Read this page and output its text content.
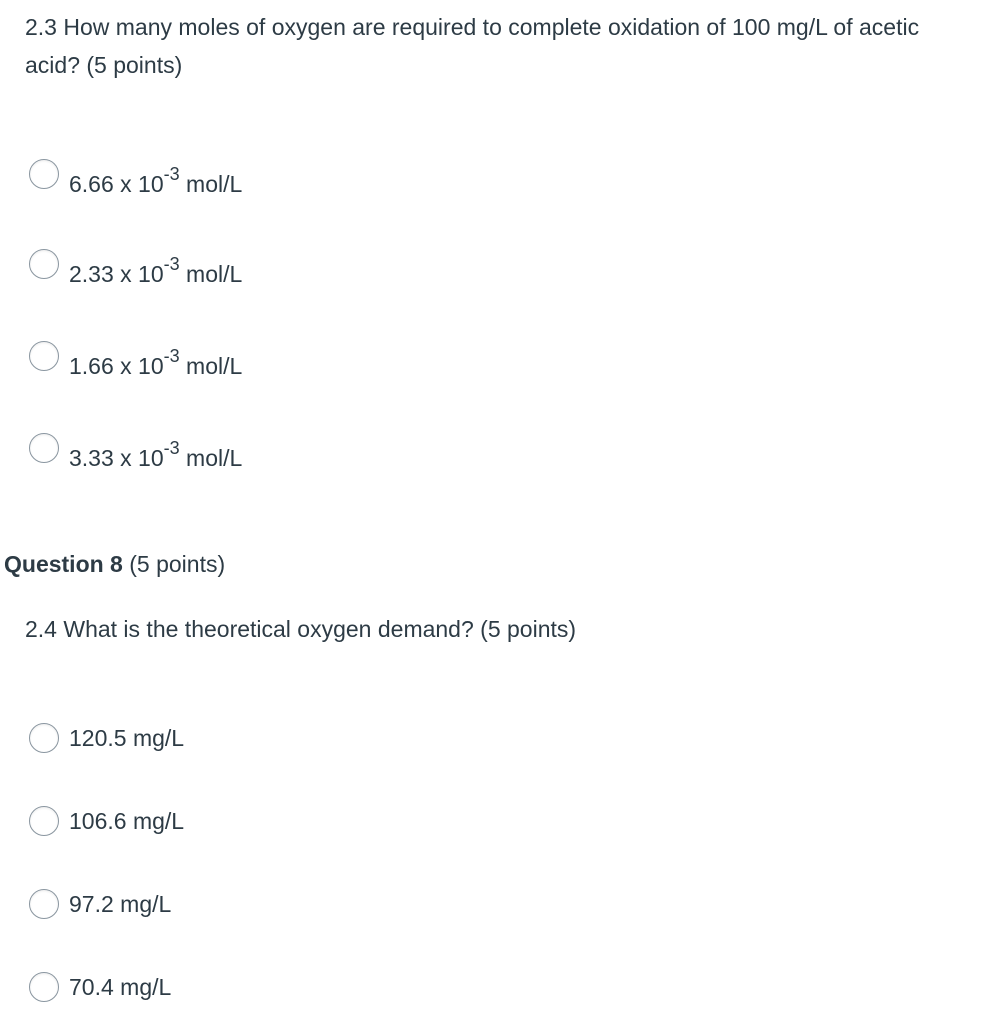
2.3 How many moles of oxygen are required to complete oxidation of 100 mg/L of acetic acid? (5 points)
6.66 x $10^{-3}$ mol/L
2.33 x $10^{-3}$ mol/L
1.66 x $10^{-3}$ mol/L
3.33 x $10^{-3}$ mol/L
Question 8 (5 points)
2.4 What is the theoretical oxygen demand? (5 points)
120.5 mg/L
106.6 mg/L
97.2 mg/L
70.4 mg/L
